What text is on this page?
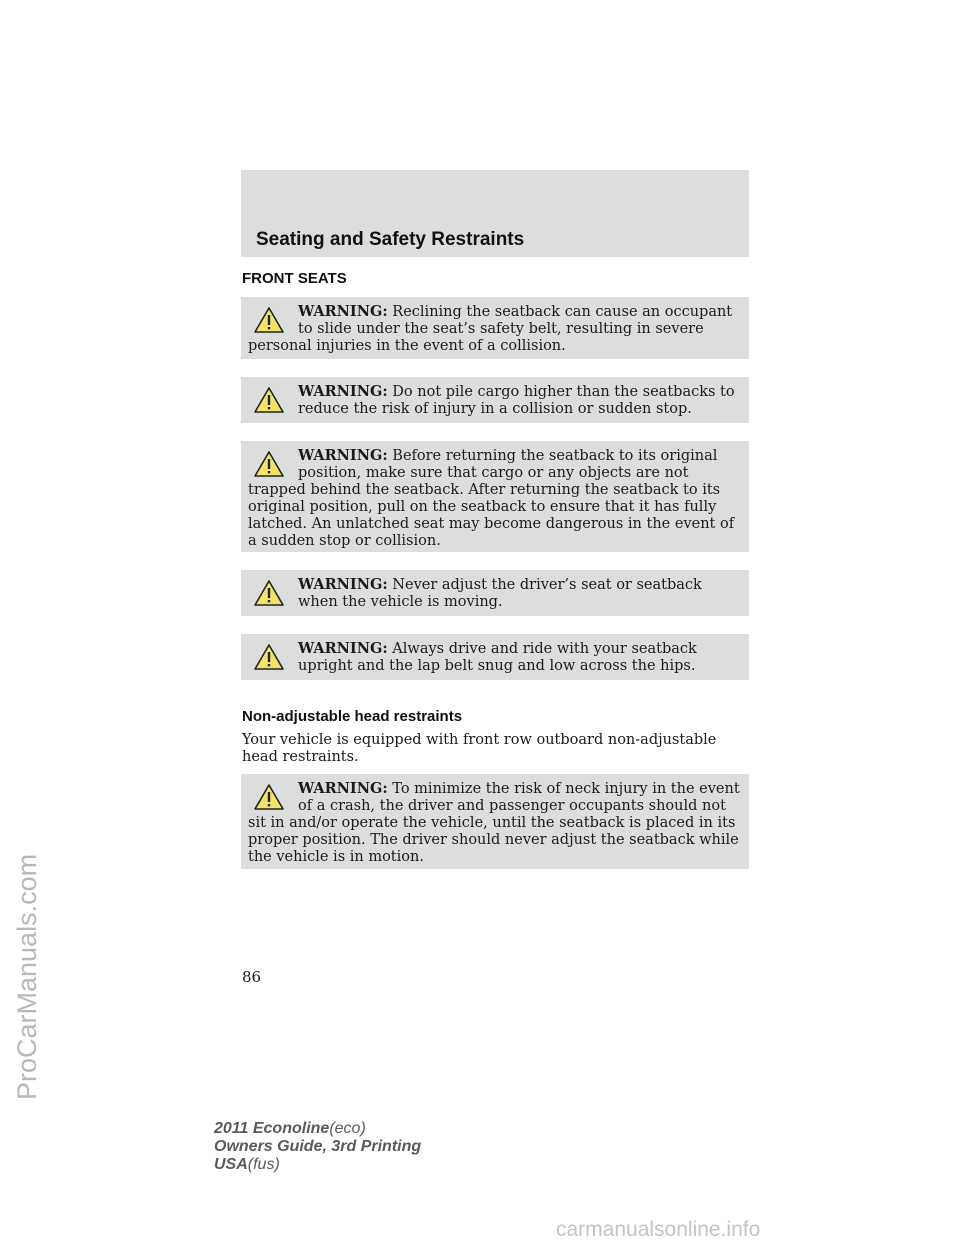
Seating and Safety Restraints
FRONT SEATS
WARNING: Reclining the seatback can cause an occupant to slide under the seat’s safety belt, resulting in severe personal injuries in the event of a collision.
WARNING: Do not pile cargo higher than the seatbacks to reduce the risk of injury in a collision or sudden stop.
WARNING: Before returning the seatback to its original position, make sure that cargo or any objects are not trapped behind the seatback. After returning the seatback to its original position, pull on the seatback to ensure that it has fully latched. An unlatched seat may become dangerous in the event of a sudden stop or collision.
WARNING: Never adjust the driver’s seat or seatback when the vehicle is moving.
WARNING: Always drive and ride with your seatback upright and the lap belt snug and low across the hips.
Non-adjustable head restraints

Your vehicle is equipped with front row outboard non-adjustable head restraints.

WARNING: To minimize the risk of neck injury in the event of a crash, the driver and passenger occupants should not sit in and/or operate the vehicle, until the seatback is placed in its proper position. The driver should never adjust the seatback while the vehicle is in motion.

86

2011 Econoline(eco)
Owners Guide, 3rd Printing
USA(fus)
ProCarManuals.com
carmanualsonline.info
